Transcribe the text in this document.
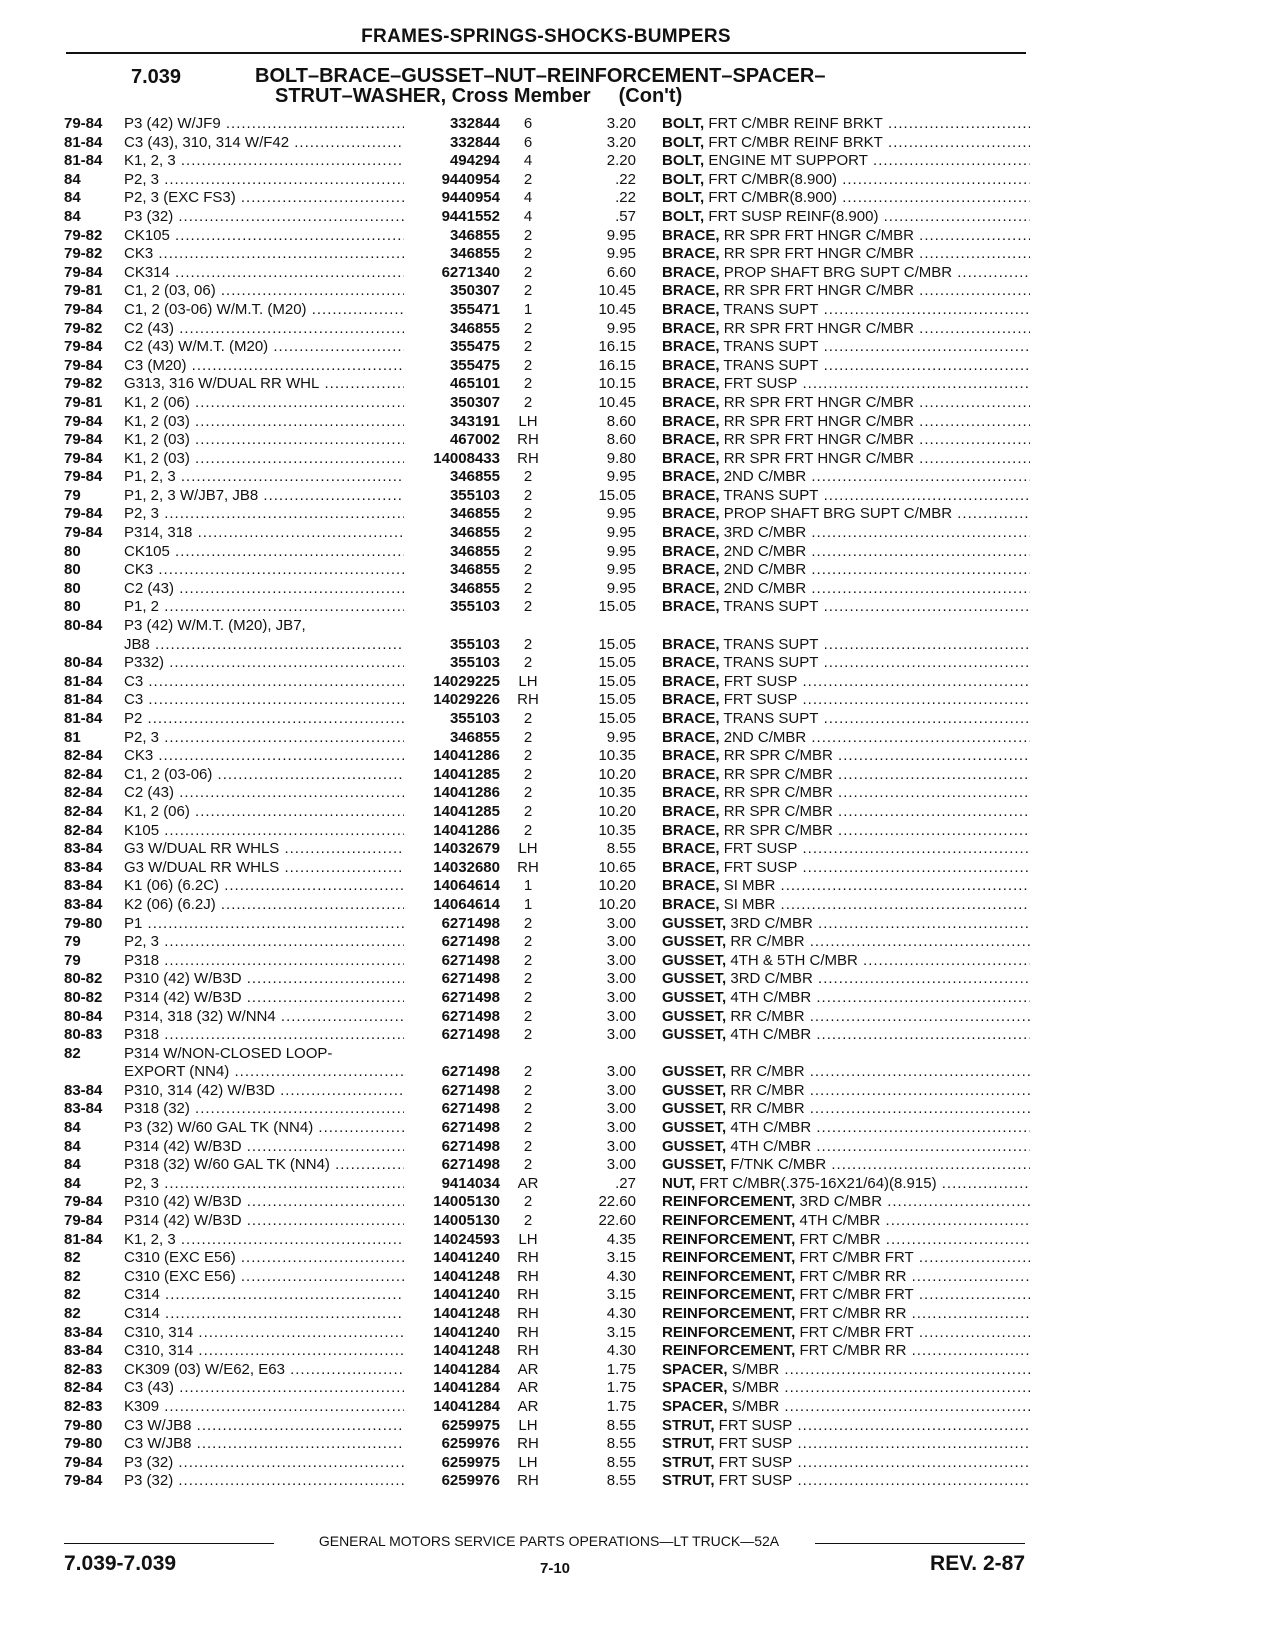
FRAMES-SPRINGS-SHOCKS-BUMPERS
7.039	BOLT–BRACE–GUSSET–NUT–REINFORCEMENT–SPACER–
STRUT–WASHER, Cross Member (Con't)
79-84	P3 (42) W/JF9 .....	332844	6	3.20 BOLT, FRT C/MBR REINF BRKT .....
81-84	C3 (43), 310, 314 W/F42 .....	332844	6	3.20 BOLT, FRT C/MBR REINF BRKT .....
81-84	K1, 2, 3 .....	494294	4	2.20 BOLT, ENGINE MT SUPPORT .....
84	P2, 3 .....	9440954	2	.22 BOLT, FRT C/MBR(8.900) .....
84	P2, 3 (EXC FS3) .....	9440954	4	.22 BOLT, FRT C/MBR(8.900) .....
84	P3 (32) .....	9441552	4	.57 BOLT, FRT SUSP REINF(8.900) .....
79-82	CK105 .....	346855	2	9.95 BRACE, RR SPR FRT HNGR C/MBR .....
79-82	CK3 .....	346855	2	9.95 BRACE, RR SPR FRT HNGR C/MBR .....
79-84	CK314 .....	6271340	2	6.60 BRACE, PROP SHAFT BRG SUPT C/MBR .....
79-81	C1, 2 (03, 06) .....	350307	2	10.45 BRACE, RR SPR FRT HNGR C/MBR .....
79-84	C1, 2 (03-06) W/M.T. (M20) .....	355471	1	10.45 BRACE, TRANS SUPT .....
79-82	C2 (43) .....	346855	2	9.95 BRACE, RR SPR FRT HNGR C/MBR .....
79-84	C2 (43) W/M.T. (M20) .....	355475	2	16.15 BRACE, TRANS SUPT .....
79-84	C3 (M20) .....	355475	2	16.15 BRACE, TRANS SUPT .....
79-82	G313, 316 W/DUAL RR WHL .....	465101	2	10.15 BRACE, FRT SUSP .....
79-81	K1, 2 (06) .....	350307	2	10.45 BRACE, RR SPR FRT HNGR C/MBR .....
79-84	K1, 2 (03) .....	343191	LH	8.60 BRACE, RR SPR FRT HNGR C/MBR .....
79-84	K1, 2 (03) .....	467002	RH	8.60 BRACE, RR SPR FRT HNGR C/MBR .....
79-84	K1, 2 (03) .....	14008433	RH	9.80 BRACE, RR SPR FRT HNGR C/MBR .....
79-84	P1, 2, 3 .....	346855	2	9.95 BRACE, 2ND C/MBR .....
79	P1, 2, 3 W/JB7, JB8 .....	355103	2	15.05 BRACE, TRANS SUPT .....
79-84	P2, 3 .....	346855	2	9.95 BRACE, PROP SHAFT BRG SUPT C/MBR .....
79-84	P314, 318 .....	346855	2	9.95 BRACE, 3RD C/MBR .....
80	CK105 .....	346855	2	9.95 BRACE, 2ND C/MBR .....
80	CK3 .....	346855	2	9.95 BRACE, 2ND C/MBR .....
80	C2 (43) .....	346855	2	9.95 BRACE, 2ND C/MBR .....
80	P1, 2 .....	355103	2	15.05 BRACE, TRANS SUPT .....
80-84	P3 (42) W/M.T. (M20), JB7,
JB8 .....	355103	2	15.05 BRACE, TRANS SUPT .....
80-84	P332) .....	355103	2	15.05 BRACE, TRANS SUPT .....
81-84	C3 .....	14029225	LH	15.05 BRACE, FRT SUSP .....
81-84	C3 .....	14029226	RH	15.05 BRACE, FRT SUSP .....
81-84	P2 .....	355103	2	15.05 BRACE, TRANS SUPT .....
81	P2, 3 .....	346855	2	9.95 BRACE, 2ND C/MBR .....
82-84	CK3 .....	14041286	2	10.35 BRACE, RR SPR C/MBR .....
82-84	C1, 2 (03-06) .....	14041285	2	10.20 BRACE, RR SPR C/MBR .....
82-84	C2 (43) .....	14041286	2	10.35 BRACE, RR SPR C/MBR .....
82-84	K1, 2 (06) .....	14041285	2	10.20 BRACE, RR SPR C/MBR .....
82-84	K105 .....	14041286	2	10.35 BRACE, RR SPR C/MBR .....
83-84	G3 W/DUAL RR WHLS .....	14032679	LH	8.55 BRACE, FRT SUSP .....
83-84	G3 W/DUAL RR WHLS .....	14032680	RH	10.65 BRACE, FRT SUSP .....
83-84	K1 (06) (6.2C) .....	14064614	1	10.20 BRACE, SI MBR .....
83-84	K2 (06) (6.2J) .....	14064614	1	10.20 BRACE, SI MBR .....
79-80	P1 .....	6271498	2	3.00 GUSSET, 3RD C/MBR .....
79	P2, 3 .....	6271498	2	3.00 GUSSET, RR C/MBR .....
79	P318 .....	6271498	2	3.00 GUSSET, 4TH & 5TH C/MBR .....
80-82	P310 (42) W/B3D .....	6271498	2	3.00 GUSSET, 3RD C/MBR .....
80-82	P314 (42) W/B3D .....	6271498	2	3.00 GUSSET, 4TH C/MBR .....
80-84	P314, 318 (32) W/NN4 .....	6271498	2	3.00 GUSSET, RR C/MBR .....
80-83	P318 .....	6271498	2	3.00 GUSSET, 4TH C/MBR .....
82	P314 W/NON-CLOSED LOOP-
EXPORT (NN4) .....	6271498	2	3.00 GUSSET, RR C/MBR .....
83-84	P310, 314 (42) W/B3D .....	6271498	2	3.00 GUSSET, RR C/MBR .....
83-84	P318 (32) .....	6271498	2	3.00 GUSSET, RR C/MBR .....
84	P3 (32) W/60 GAL TK (NN4) .....	6271498	2	3.00 GUSSET, 4TH C/MBR .....
84	P314 (42) W/B3D .....	6271498	2	3.00 GUSSET, 4TH C/MBR .....
84	P318 (32) W/60 GAL TK (NN4) .....	6271498	2	3.00 GUSSET, F/TNK C/MBR .....
84	P2, 3 .....	9414034	AR	.27 NUT, FRT C/MBR(.375-16X21/64)(8.915) .....
79-84	P310 (42) W/B3D .....	14005130	2	22.60 REINFORCEMENT, 3RD C/MBR .....
79-84	P314 (42) W/B3D .....	14005130	2	22.60 REINFORCEMENT, 4TH C/MBR .....
81-84	K1, 2, 3 .....	14024593	LH	4.35 REINFORCEMENT, FRT C/MBR .....
82	C310 (EXC E56) .....	14041240	RH	3.15 REINFORCEMENT, FRT C/MBR FRT .....
82	C310 (EXC E56) .....	14041248	RH	4.30 REINFORCEMENT, FRT C/MBR RR .....
82	C314 .....	14041240	RH	3.15 REINFORCEMENT, FRT C/MBR FRT .....
82	C314 .....	14041248	RH	4.30 REINFORCEMENT, FRT C/MBR RR .....
83-84	C310, 314 .....	14041240	RH	3.15 REINFORCEMENT, FRT C/MBR FRT .....
83-84	C310, 314 .....	14041248	RH	4.30 REINFORCEMENT, FRT C/MBR RR .....
82-83	CK309 (03) W/E62, E63 .....	14041284	AR	1.75 SPACER, S/MBR .....
82-84	C3 (43) .....	14041284	AR	1.75 SPACER, S/MBR .....
82-83	K309 .....	14041284	AR	1.75 SPACER, S/MBR .....
79-80	C3 W/JB8 .....	6259975	LH	8.55 STRUT, FRT SUSP .....
79-80	C3 W/JB8 .....	6259976	RH	8.55 STRUT, FRT SUSP .....
79-84	P3 (32) .....	6259975	LH	8.55 STRUT, FRT SUSP .....
79-84	P3 (32) .....	6259976	RH	8.55 STRUT, FRT SUSP .....
GENERAL MOTORS SERVICE PARTS OPERATIONS—LT TRUCK—52A
7.039-7.039	7-10	REV. 2-87
